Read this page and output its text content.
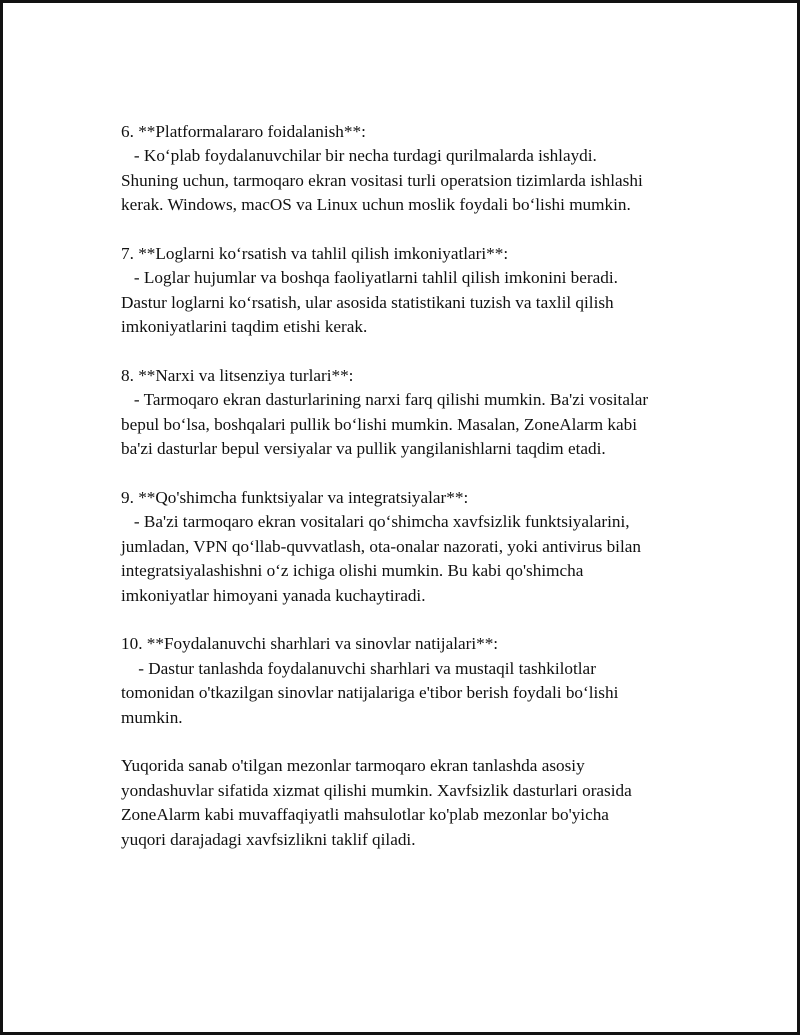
6. **Platformalararo foidalanish**:
- Ko‘plab foydalanuvchilar bir necha turdagi qurilmalarda ishlaydi.
Shuning uchun, tarmoqaro ekran vositasi turli operatsion tizimlarda ishlashi
kerak. Windows, macOS va Linux uchun moslik foydali bo‘lishi mumkin.
7. **Loglarni ko‘rsatish va tahlil qilish imkoniyatlari**:
- Loglar hujumlar va boshqa faoliyatlarni tahlil qilish imkonini beradi.
Dastur loglarni ko‘rsatish, ular asosida statistikani tuzish va taxlil qilish
imkoniyatlarini taqdim etishi kerak.
8. **Narxi va litsenziya turlari**:
- Tarmoqaro ekran dasturlarining narxi farq qilishi mumkin. Ba'zi vositalar
bepul bo‘lsa, boshqalari pullik bo‘lishi mumkin. Masalan, ZoneAlarm kabi
ba'zi dasturlar bepul versiyalar va pullik yangilanishlarni taqdim etadi.
9. **Qo'shimcha funktsiyalar va integratsiyalar**:
- Ba'zi tarmoqaro ekran vositalari qo‘shimcha xavfsizlik funktsiyalarini,
jumladan, VPN qo‘llab-quvvatlash, ota-onalar nazorati, yoki antivirus bilan
integratsiyalashishni o‘z ichiga olishi mumkin. Bu kabi qo'shimcha
imkoniyatlar himoyani yanada kuchaytiradi.
10. **Foydalanuvchi sharhlari va sinovlar natijalari**:
- Dastur tanlashda foydalanuvchi sharhlari va mustaqil tashkilotlar
tomonidan o'tkazilgan sinovlar natijalariga e'tibor berish foydali bo‘lishi
mumkin.
Yuqorida sanab o'tilgan mezonlar tarmoqaro ekran tanlashda asosiy
yondashuvlar sifatida xizmat qilishi mumkin. Xavfsizlik dasturlari orasida
ZoneAlarm kabi muvaffaqiyatli mahsulotlar ko'plab mezonlar bo'yicha
yuqori darajadagi xavfsizlikni taklif qiladi.
